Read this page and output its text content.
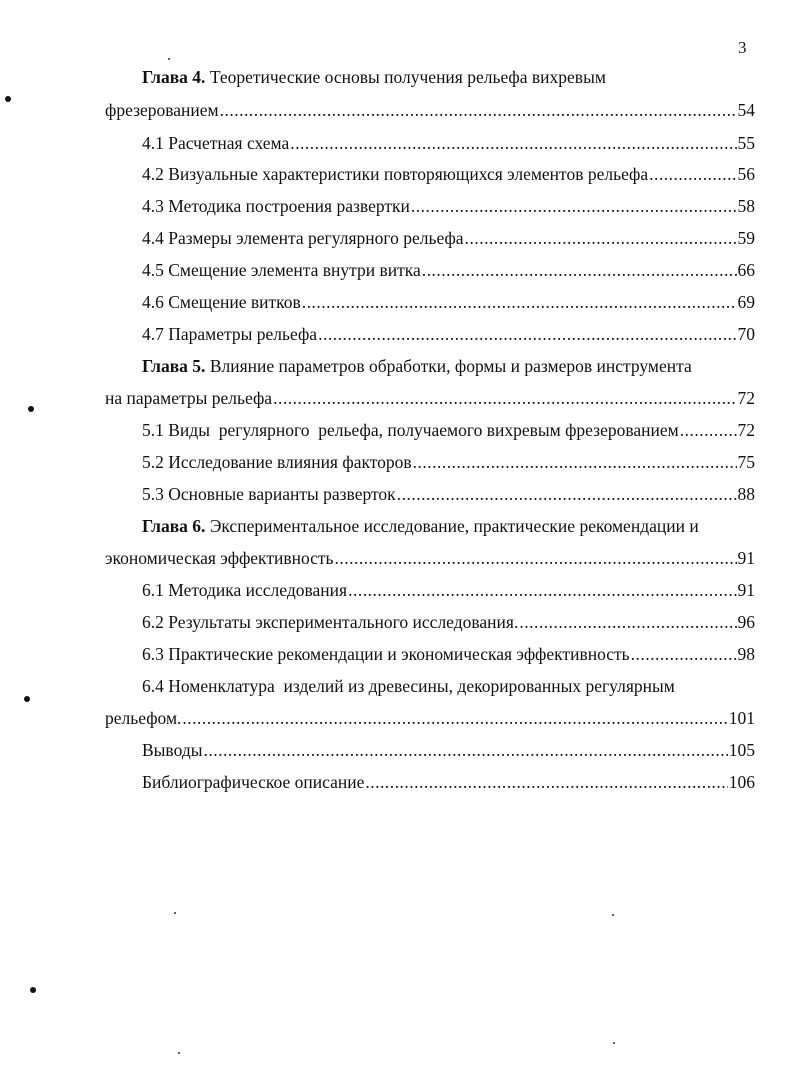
3
Глава 4. Теоретические основы получения рельефа вихревым
фрезерованием .....	54
4.1 Расчетная схема .....	55
4.2 Визуальные характеристики повторяющихся элементов рельефа .....	56
4.3 Методика построения развертки .....	58
4.4 Размеры элемента регулярного рельефа .....	59
4.5 Смещение элемента внутри витка .....	66
4.6 Смещение витков .....	69
4.7 Параметры рельефа .....	70
Глава 5. Влияние параметров обработки, формы и размеров инструмента
на параметры рельефа .....	72
5.1 Виды  регулярного  рельефа, получаемого вихревым фрезерованием .....	72
5.2 Исследование влияния факторов .....	75
5.3 Основные варианты разверток .....	88
Глава 6. Экспериментальное исследование, практические рекомендации и
экономическая эффективность .....	91
6.1 Методика исследования .....	91
6.2 Результаты экспериментального исследования. .....	96
6.3 Практические рекомендации и экономическая эффективность .....	98
6.4 Номенклатура  изделий из древесины, декорированных регулярным
рельефом. .....	101
Выводы .....	105
Библиографическое описание .....	106
